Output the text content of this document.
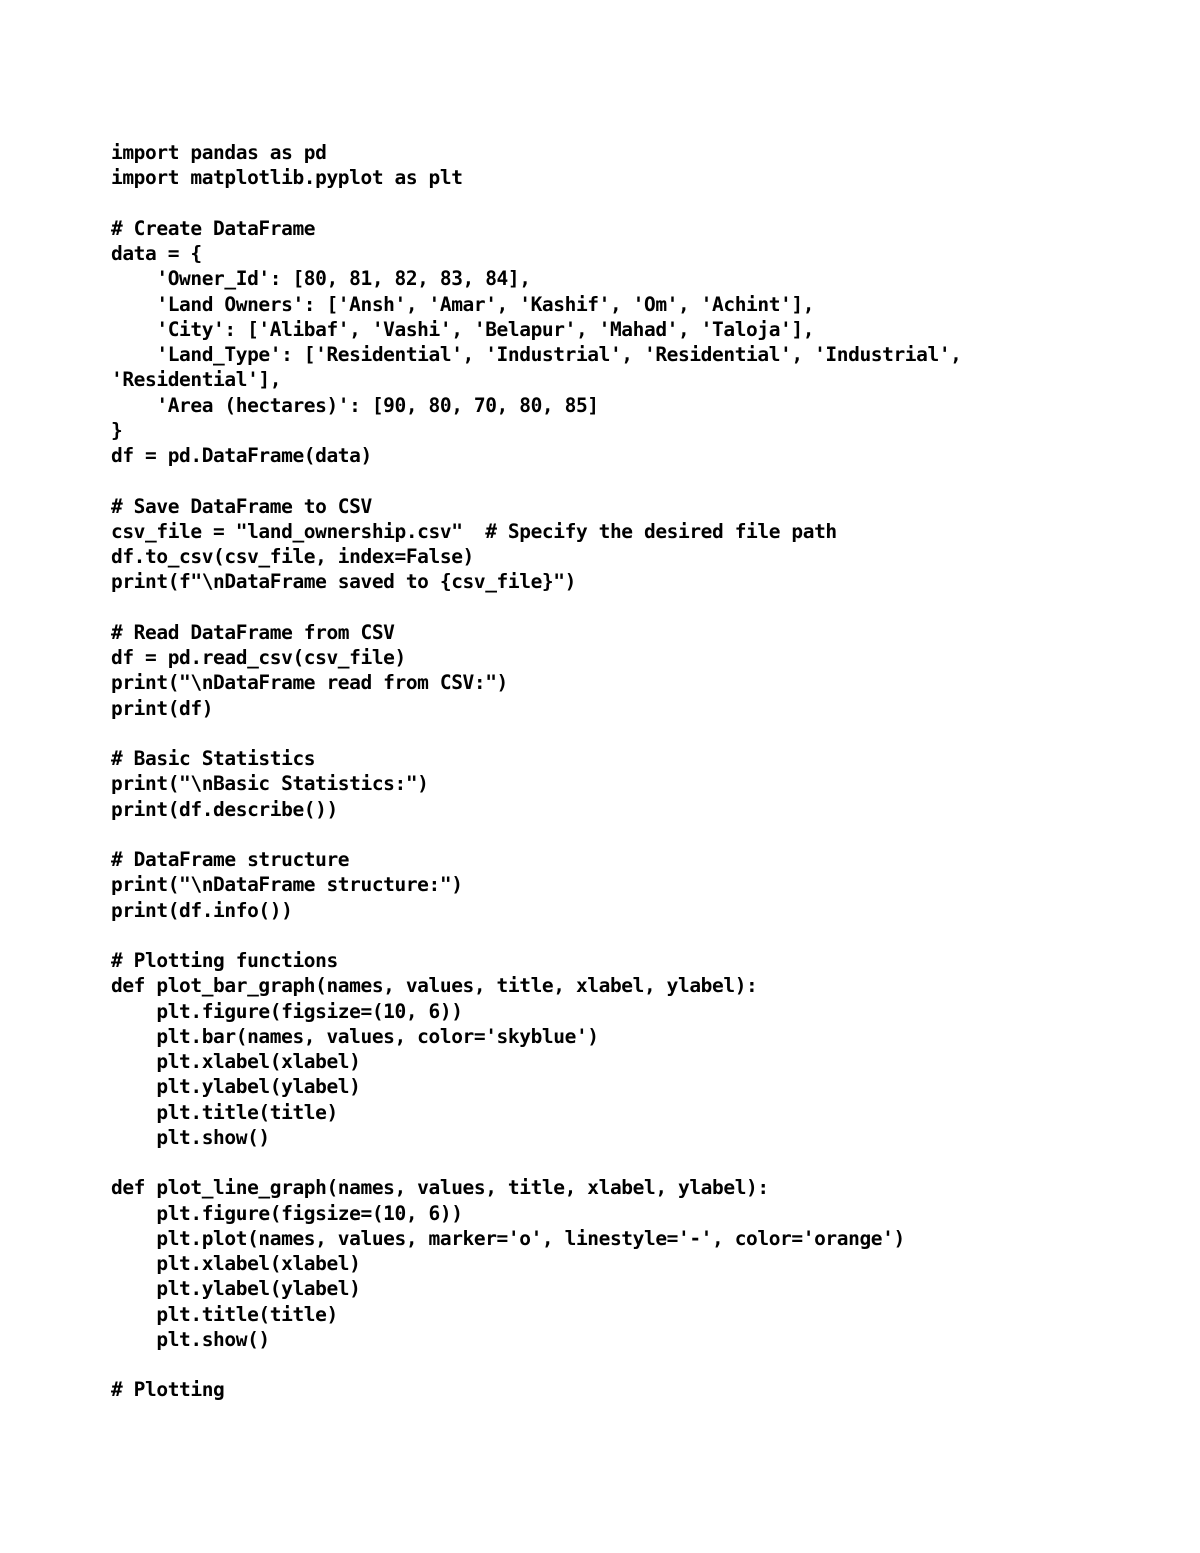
import pandas as pd
import matplotlib.pyplot as plt
# Create DataFrame
data = {
'Owner_Id': [80, 81, 82, 83, 84],
'Land Owners': ['Ansh', 'Amar', 'Kashif', 'Om', 'Achint'],
'City': ['Alibaf', 'Vashi', 'Belapur', 'Mahad', 'Taloja'],
'Land_Type': ['Residential', 'Industrial', 'Residential', 'Industrial',
'Residential'],
'Area (hectares)': [90, 80, 70, 80, 85]
}
df = pd.DataFrame(data)
# Save DataFrame to CSV
csv_file = "land_ownership.csv"  # Specify the desired file path
df.to_csv(csv_file, index=False)
print(f"\nDataFrame saved to {csv_file}")
# Read DataFrame from CSV
df = pd.read_csv(csv_file)
print("\nDataFrame read from CSV:")
print(df)
# Basic Statistics
print("\nBasic Statistics:")
print(df.describe())
# DataFrame structure
print("\nDataFrame structure:")
print(df.info())
# Plotting functions
def plot_bar_graph(names, values, title, xlabel, ylabel):
plt.figure(figsize=(10, 6))
plt.bar(names, values, color='skyblue')
plt.xlabel(xlabel)
plt.ylabel(ylabel)
plt.title(title)
plt.show()
def plot_line_graph(names, values, title, xlabel, ylabel):
plt.figure(figsize=(10, 6))
plt.plot(names, values, marker='o', linestyle='-', color='orange')
plt.xlabel(xlabel)
plt.ylabel(ylabel)
plt.title(title)
plt.show()
# Plotting
